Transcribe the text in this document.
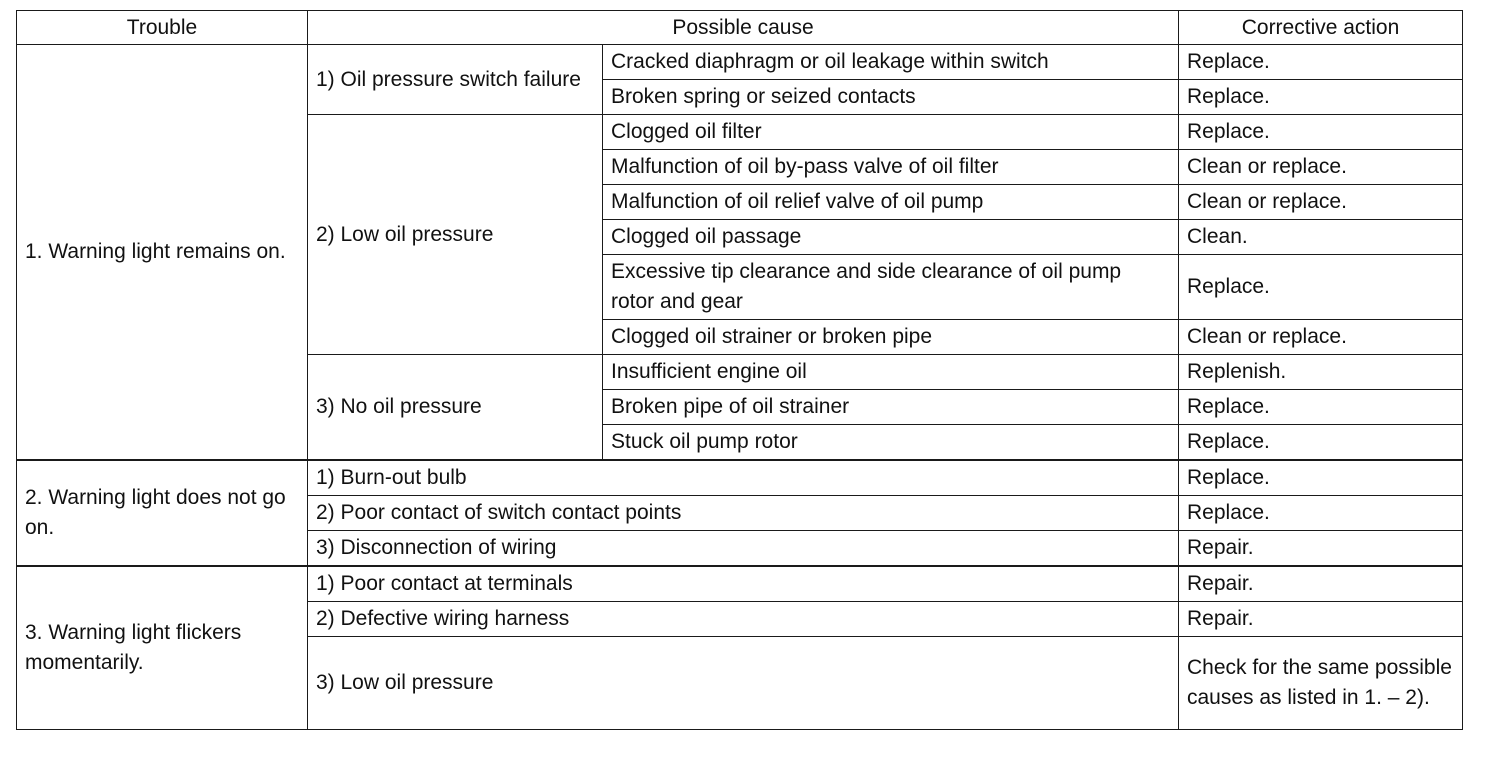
Trouble	Possible cause		Corrective action
1. Warning light remains on.	1) Oil pressure switch failure	Cracked diaphragm or oil leakage within switch	Replace.
		Broken spring or seized contacts	Replace.
	2) Low oil pressure	Clogged oil filter	Replace.
		Malfunction of oil by-pass valve of oil filter	Clean or replace.
		Malfunction of oil relief valve of oil pump	Clean or replace.
		Clogged oil passage	Clean.
		Excessive tip clearance and side clearance of oil pump rotor and gear	Replace.
		Clogged oil strainer or broken pipe	Clean or replace.
	3) No oil pressure	Insufficient engine oil	Replenish.
		Broken pipe of oil strainer	Replace.
		Stuck oil pump rotor	Replace.
2. Warning light does not go on.	1) Burn-out bulb		Replace.
	2) Poor contact of switch contact points		Replace.
	3) Disconnection of wiring		Repair.
3. Warning light flickers momentarily.	1) Poor contact at terminals		Repair.
	2) Defective wiring harness		Repair.
	3) Low oil pressure		Check for the same possible causes as listed in 1. – 2).
